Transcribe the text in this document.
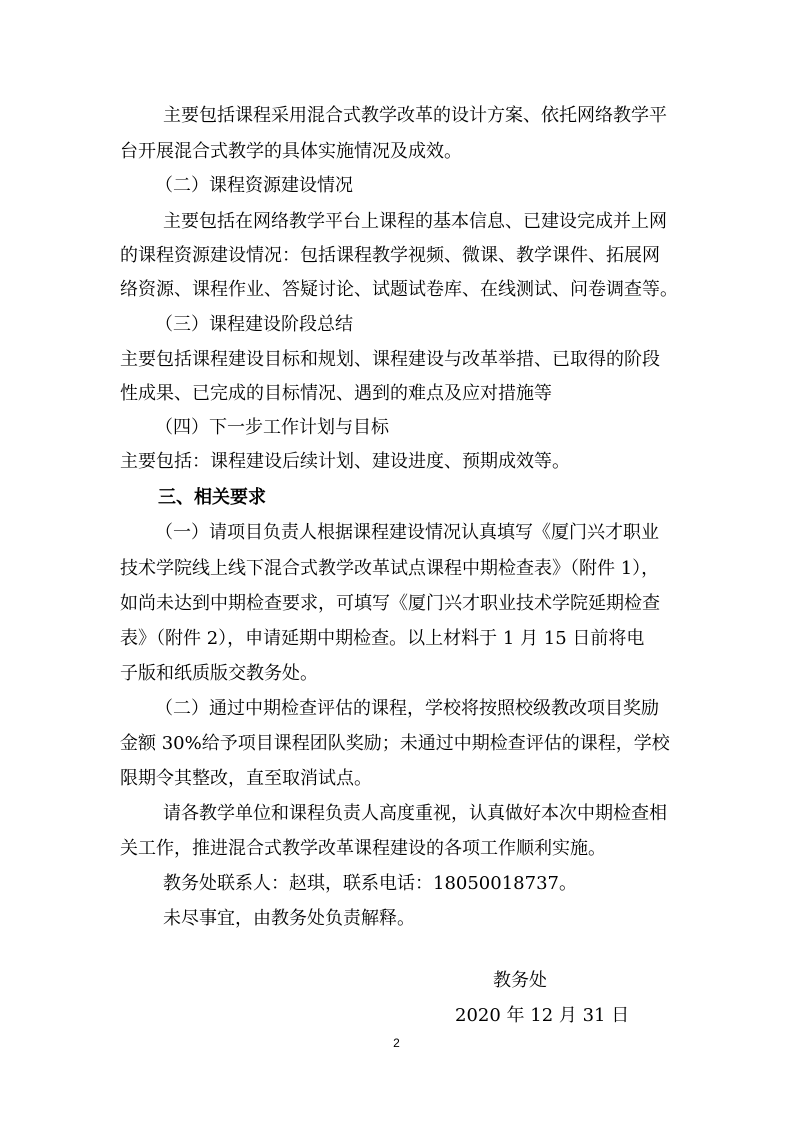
主要包括课程采用混合式教学改革的设计方案、依托网络教学平
台开展混合式教学的具体实施情况及成效。
（二）课程资源建设情况
主要包括在网络教学平台上课程的基本信息、已建设完成并上网
的课程资源建设情况：包括课程教学视频、微课、教学课件、拓展网
络资源、课程作业、答疑讨论、试题试卷库、在线测试、问卷调查等。
（三）课程建设阶段总结
主要包括课程建设目标和规划、课程建设与改革举措、已取得的阶段
性成果、已完成的目标情况、遇到的难点及应对措施等
（四）下一步工作计划与目标
主要包括：课程建设后续计划、建设进度、预期成效等。
三、相关要求
（一）请项目负责人根据课程建设情况认真填写《厦门兴才职业
技术学院线上线下混合式教学改革试点课程中期检查表》（附件 1），
如尚未达到中期检查要求，可填写《厦门兴才职业技术学院延期检查
表》（附件 2），申请延期中期检查。以上材料于 1 月 15 日前将电
子版和纸质版交教务处。
（二）通过中期检查评估的课程，学校将按照校级教改项目奖励
金额 30%给予项目课程团队奖励；未通过中期检查评估的课程，学校
限期令其整改，直至取消试点。
请各教学单位和课程负责人高度重视，认真做好本次中期检查相
关工作，推进混合式教学改革课程建设的各项工作顺利实施。
教务处联系人：赵琪，联系电话：18050018737。
未尽事宜，由教务处负责解释。
教务处
2020 年 12 月 31 日
2
